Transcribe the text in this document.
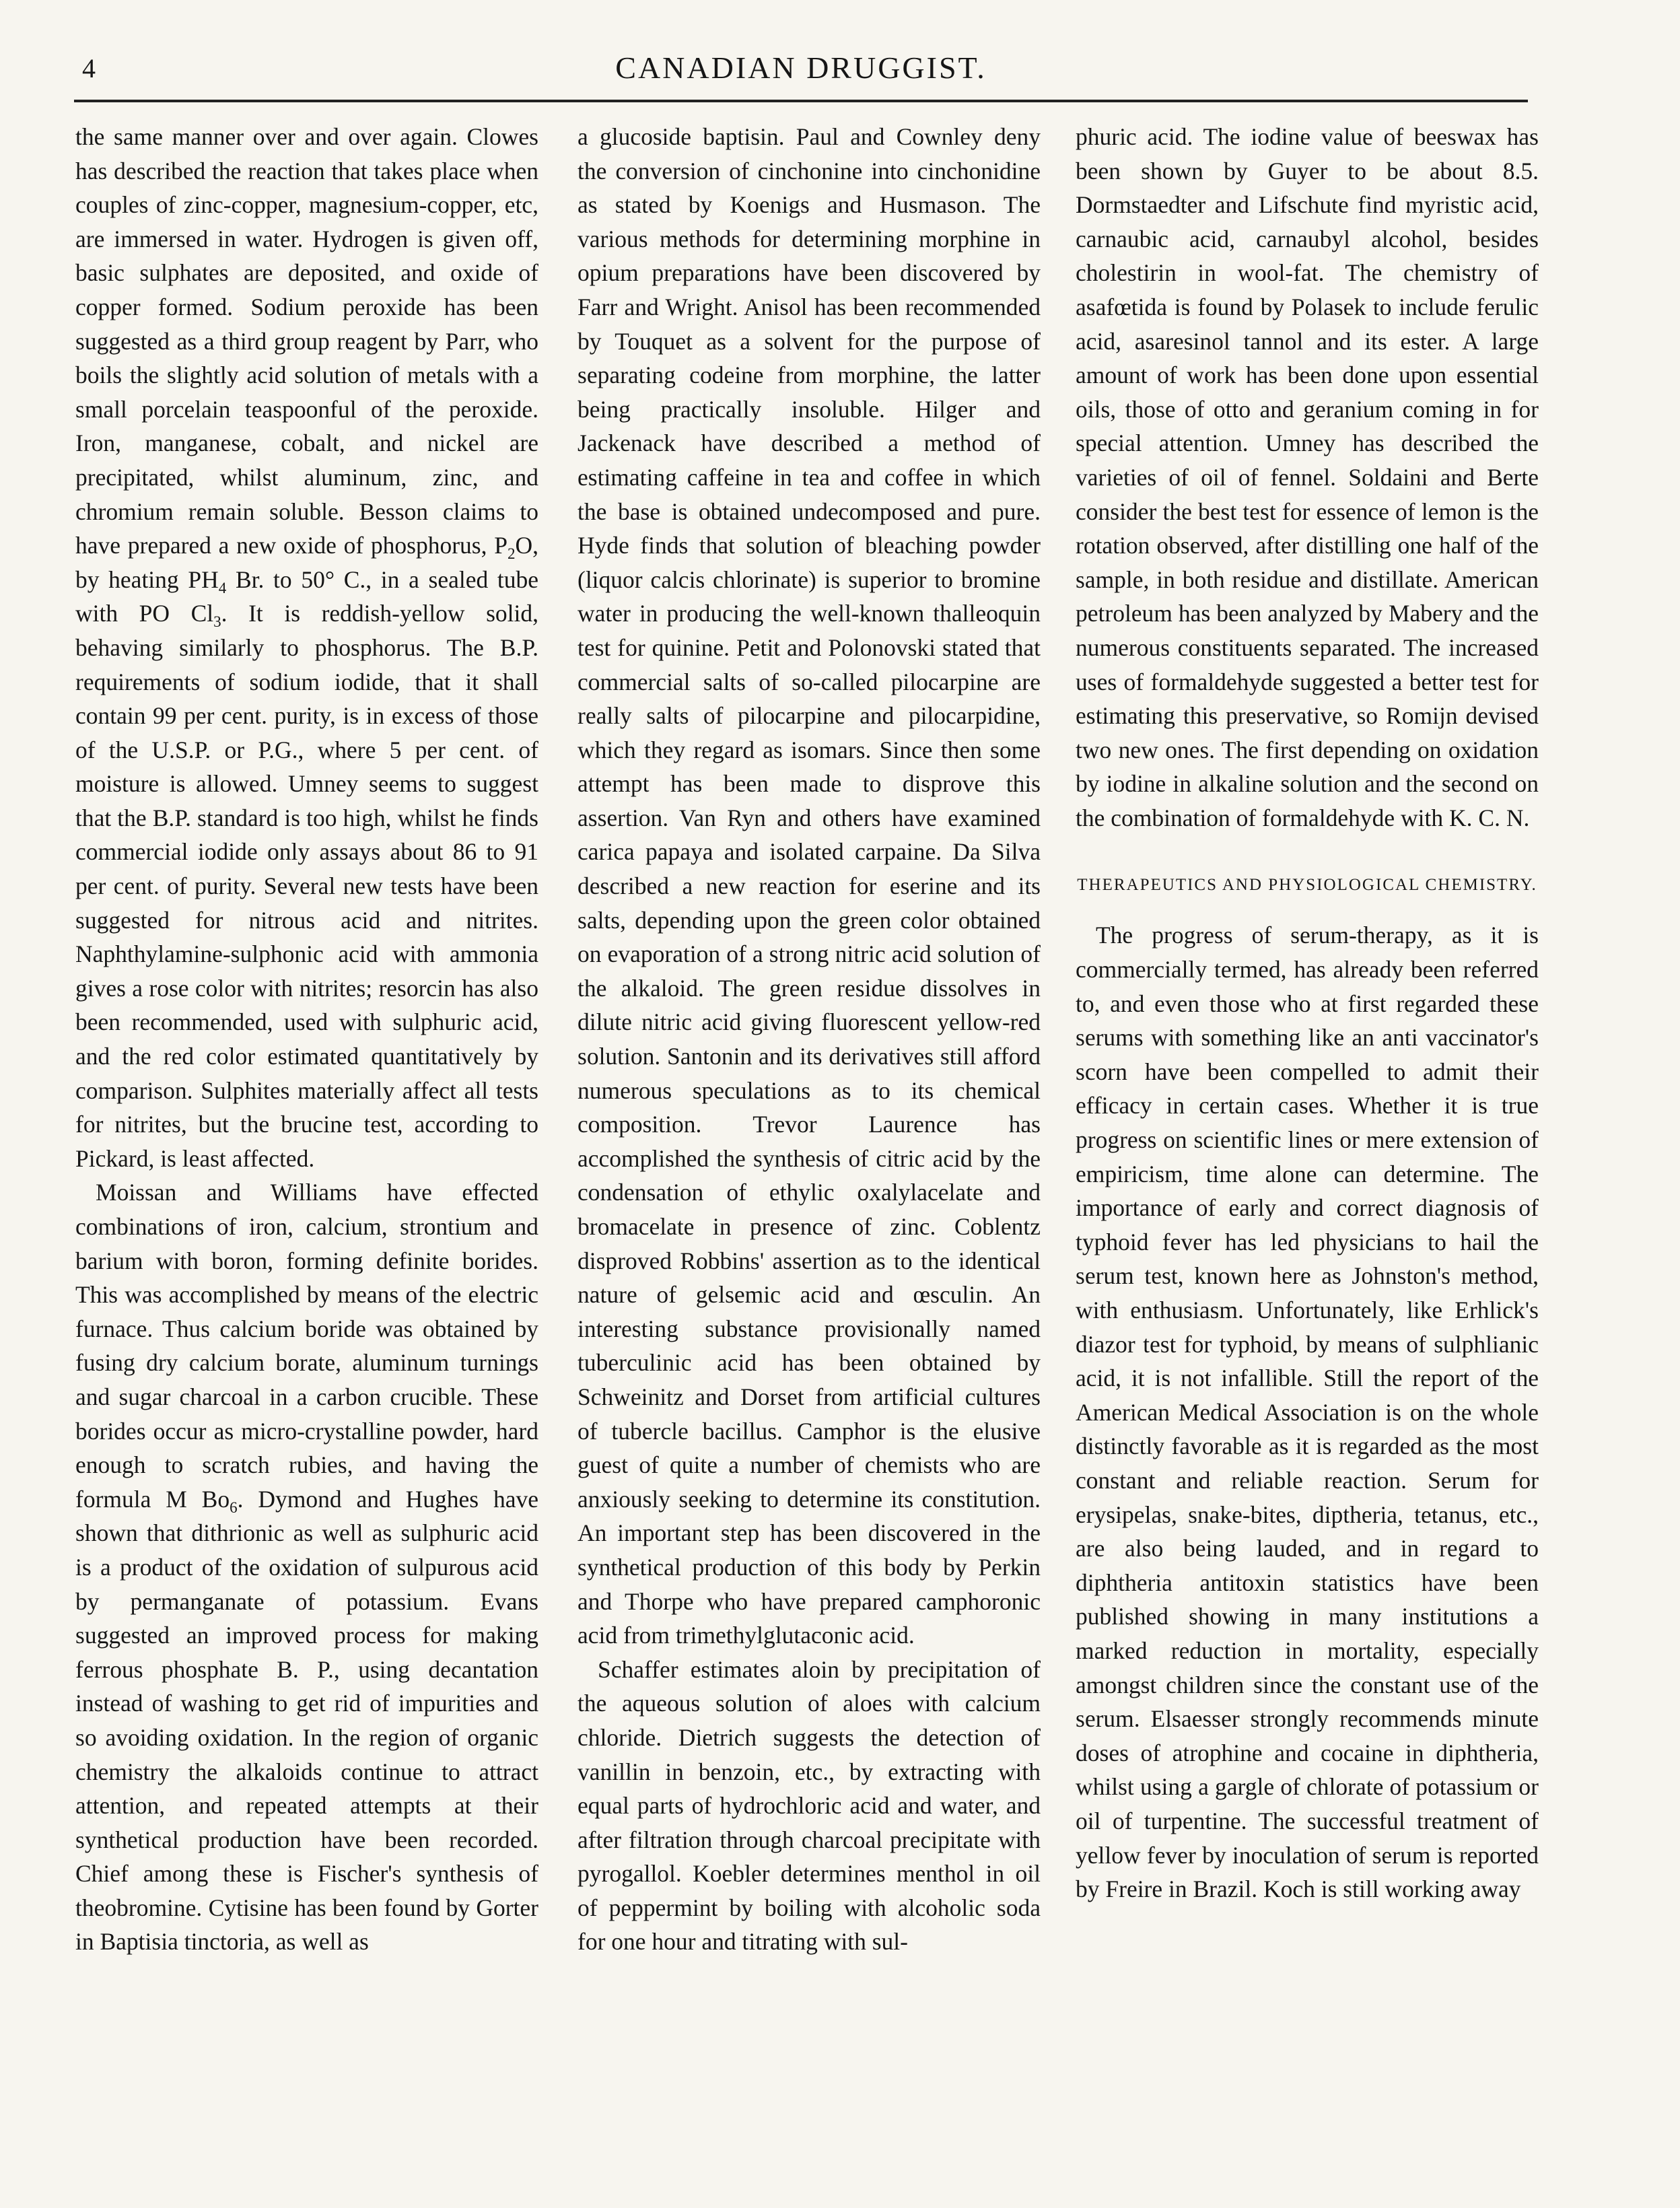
4	CANADIAN DRUGGIST.

the same manner over and over again. Clowes has described the reaction that takes place when couples of zinc-copper, magnesium-copper, etc, are immersed in water. Hydrogen is given off, basic sulphates are deposited, and oxide of copper formed. Sodium peroxide has been suggested as a third group reagent by Parr, who boils the slightly acid solution of metals with a small porcelain teaspoonful of the peroxide. Iron, manganese, cobalt, and nickel are precipitated, whilst aluminum, zinc, and chromium remain soluble. Besson claims to have prepared a new oxide of phosphorus, $P_2O$, by heating $PH_4$ Br. to 50° C., in a sealed tube with PO $Cl_3$. It is reddish-yellow solid, behaving similarly to phosphorus. The B.P. requirements of sodium iodide, that it shall contain 99 per cent. purity, is in excess of those of the U.S.P. or P.G., where 5 per cent. of moisture is allowed. Umney seems to suggest that the B.P. standard is too high, whilst he finds commercial iodide only assays about 86 to 91 per cent. of purity. Several new tests have been suggested for nitrous acid and nitrites. Naphthylamine-sulphonic acid with ammonia gives a rose color with nitrites; resorcin has also been recommended, used with sulphuric acid, and the red color estimated quantitatively by comparison. Sulphites materially affect all tests for nitrites, but the brucine test, according to Pickard, is least affected.

Moissan and Williams have effected combinations of iron, calcium, strontium and barium with boron, forming definite borides. This was accomplished by means of the electric furnace. Thus calcium boride was obtained by fusing dry calcium borate, aluminum turnings and sugar charcoal in a carbon crucible. These borides occur as micro-crystalline powder, hard enough to scratch rubies, and having the formula M $Bo_6$. Dymond and Hughes have shown that dithrionic as well as sulphuric acid is a product of the oxidation of sulpurous acid by permanganate of potassium. Evans suggested an improved process for making ferrous phosphate B. P., using decantation instead of washing to get rid of impurities and so avoiding oxidation. In the region of organic chemistry the alkaloids continue to attract attention, and repeated attempts at their synthetical production have been recorded. Chief among these is Fischer's synthesis of theobromine. Cytisine has been found by Gorter in Baptisia tinctoria, as well as

a glucoside baptisin. Paul and Cownley deny the conversion of cinchonine into cinchonidine as stated by Koenigs and Husmason. The various methods for determining morphine in opium preparations have been discovered by Farr and Wright. Anisol has been recommended by Touquet as a solvent for the purpose of separating codeine from morphine, the latter being practically insoluble. Hilger and Jackenack have described a method of estimating caffeine in tea and coffee in which the base is obtained undecomposed and pure. Hyde finds that solution of bleaching powder (liquor calcis chlorinate) is superior to bromine water in producing the well-known thalleoquin test for quinine. Petit and Polonovski stated that commercial salts of so-called pilocarpine are really salts of pilocarpine and pilocarpidine, which they regard as isomars. Since then some attempt has been made to disprove this assertion. Van Ryn and others have examined carica papaya and isolated carpaine. Da Silva described a new reaction for eserine and its salts, depending upon the green color obtained on evaporation of a strong nitric acid solution of the alkaloid. The green residue dissolves in dilute nitric acid giving fluorescent yellow-red solution. Santonin and its derivatives still afford numerous speculations as to its chemical composition. Trevor Laurence has accomplished the synthesis of citric acid by the condensation of ethylic oxalylacelate and bromacelate in presence of zinc. Coblentz disproved Robbins' assertion as to the identical nature of gelsemic acid and œsculin. An interesting substance provisionally named tuberculinic acid has been obtained by Schweinitz and Dorset from artificial cultures of tubercle bacillus. Camphor is the elusive guest of quite a number of chemists who are anxiously seeking to determine its constitution. An important step has been discovered in the synthetical production of this body by Perkin and Thorpe who have prepared camphoronic acid from trimethylglutaconic acid.

Schaffer estimates aloin by precipitation of the aqueous solution of aloes with calcium chloride. Dietrich suggests the detection of vanillin in benzoin, etc., by extracting with equal parts of hydrochloric acid and water, and after filtration through charcoal precipitate with pyrogallol. Koebler determines menthol in oil of peppermint by boiling with alcoholic soda for one hour and titrating with sul-

phuric acid. The iodine value of beeswax has been shown by Guyer to be about 8.5. Dormstaedter and Lifschute find myristic acid, carnaubic acid, carnaubyl alcohol, besides cholestirin in wool-fat. The chemistry of asafœtida is found by Polasek to include ferulic acid, asaresinol tannol and its ester. A large amount of work has been done upon essential oils, those of otto and geranium coming in for special attention. Umney has described the varieties of oil of fennel. Soldaini and Berte consider the best test for essence of lemon is the rotation observed, after distilling one half of the sample, in both residue and distillate. American petroleum has been analyzed by Mabery and the numerous constituents separated. The increased uses of formaldehyde suggested a better test for estimating this preservative, so Romijn devised two new ones. The first depending on oxidation by iodine in alkaline solution and the second on the combination of formaldehyde with K. C. N.

THERAPEUTICS AND PHYSIOLOGICAL CHEMISTRY.

The progress of serum-therapy, as it is commercially termed, has already been referred to, and even those who at first regarded these serums with something like an anti vaccinator's scorn have been compelled to admit their efficacy in certain cases. Whether it is true progress on scientific lines or mere extension of empiricism, time alone can determine. The importance of early and correct diagnosis of typhoid fever has led physicians to hail the serum test, known here as Johnston's method, with enthusiasm. Unfortunately, like Erhlick's diazor test for typhoid, by means of sulphlianic acid, it is not infallible. Still the report of the American Medical Association is on the whole distinctly favorable as it is regarded as the most constant and reliable reaction. Serum for erysipelas, snake-bites, diptheria, tetanus, etc., are also being lauded, and in regard to diphtheria antitoxin statistics have been published showing in many institutions a marked reduction in mortality, especially amongst children since the constant use of the serum. Elsaesser strongly recommends minute doses of atrophine and cocaine in diphtheria, whilst using a gargle of chlorate of potassium or oil of turpentine. The successful treatment of yellow fever by inoculation of serum is reported by Freire in Brazil. Koch is still working away
